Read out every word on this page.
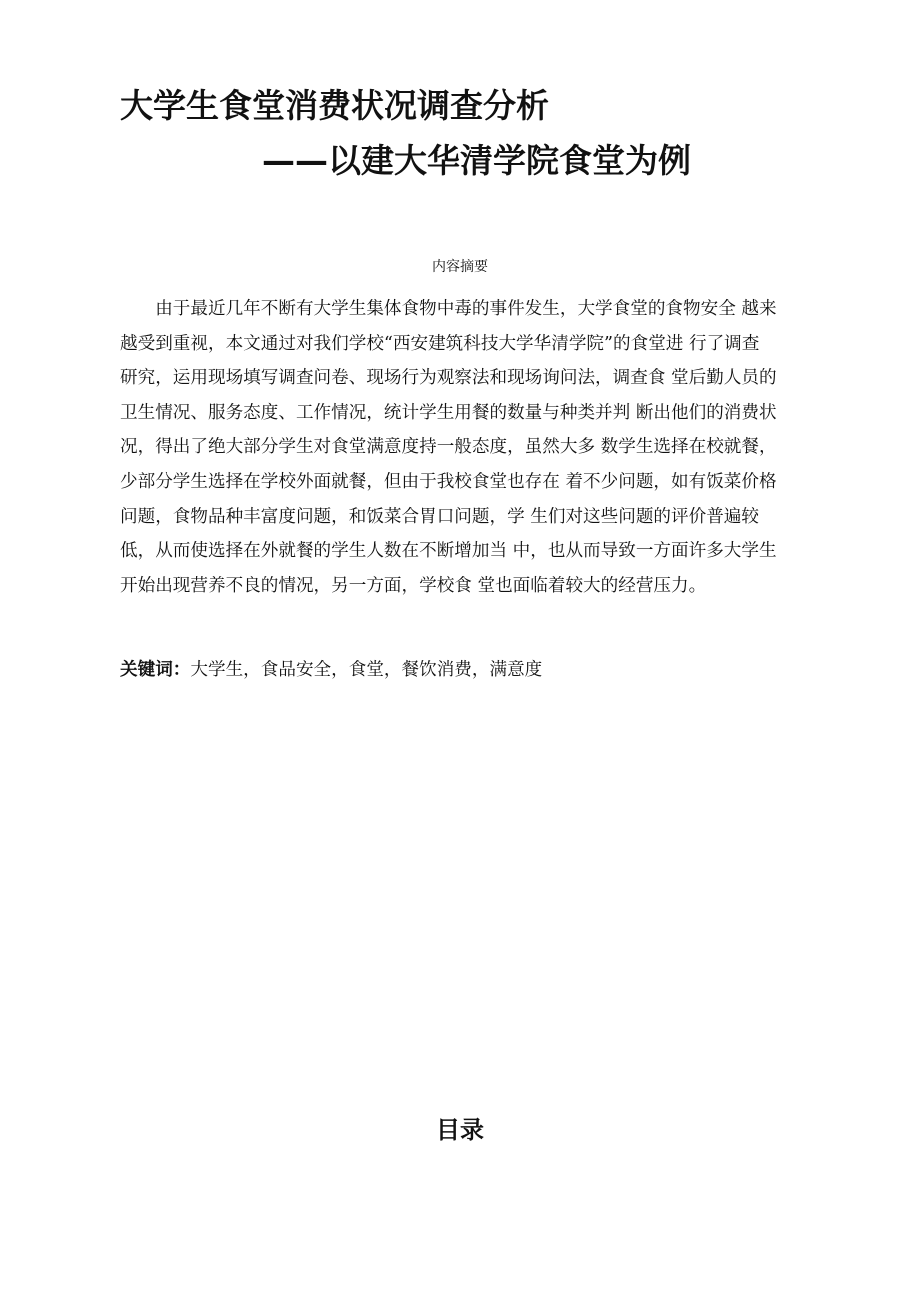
大学生食堂消费状况调查分析
——以建大华清学院食堂为例
内容摘要
　　由于最近几年不断有大学生集体食物中毒的事件发生，大学食堂的食物安全 越来
越受到重视，本文通过对我们学校“西安建筑科技大学华清学院”的食堂进 行了调查
研究，运用现场填写调查问卷、现场行为观察法和现场询问法，调查食 堂后勤人员的
卫生情况、服务态度、工作情况，统计学生用餐的数量与种类并判 断出他们的消费状
况，得出了绝大部分学生对食堂满意度持一般态度，虽然大多 数学生选择在校就餐，
少部分学生选择在学校外面就餐，但由于我校食堂也存在 着不少问题，如有饭菜价格
问题，食物品种丰富度问题，和饭菜合胃口问题，学 生们对这些问题的评价普遍较
低，从而使选择在外就餐的学生人数在不断增加当 中，也从而导致一方面许多大学生
开始出现营养不良的情况，另一方面，学校食 堂也面临着较大的经营压力。
关键词：大学生，食品安全，食堂，餐饮消费，满意度
目录
